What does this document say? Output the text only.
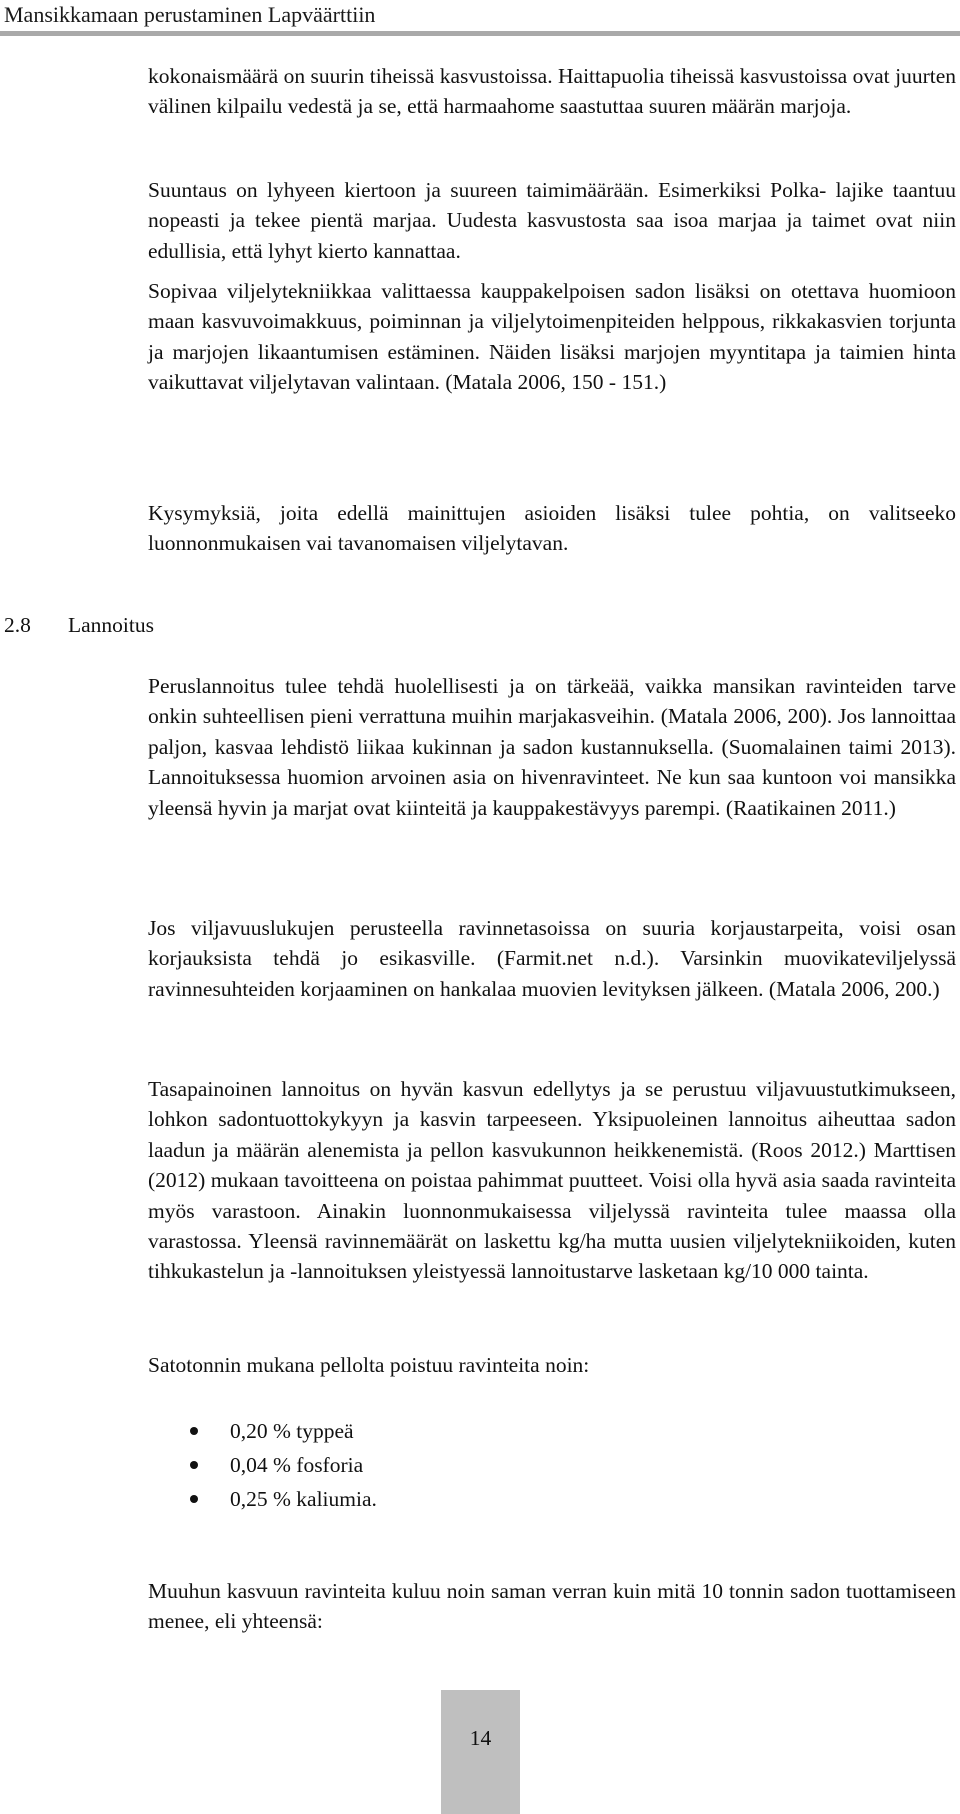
Mansikkamaan perustaminen Lapväärttiin

kokonaismäärä on suurin tiheissä kasvustoissa. Haittapuolia tiheissä kasvustoissa ovat juurten välinen kilpailu vedestä ja se, että harmaahome saastuttaa suuren määrän marjoja.

Suuntaus on lyhyeen kiertoon ja suureen taimimäärään. Esimerkiksi Polka- lajike taantuu nopeasti ja tekee pientä marjaa. Uudesta kasvustosta saa isoa marjaa ja taimet ovat niin edullisia, että lyhyt kierto kannattaa.

Sopivaa viljelytekniikkaa valittaessa kauppakelpoisen sadon lisäksi on otettava huomioon maan kasvuvoimakkuus, poiminnan ja viljelytoimenpiteiden helppous, rikkakasvien torjunta ja marjojen likaantumisen estäminen. Näiden lisäksi marjojen myyntitapa ja taimien hinta vaikuttavat viljelytavan valintaan. (Matala 2006, 150 - 151.)

Kysymyksiä, joita edellä mainittujen asioiden lisäksi tulee pohtia, on valitseeko luonnonmukaisen vai tavanomaisen viljelytavan.

2.8 Lannoitus

Peruslannoitus tulee tehdä huolellisesti ja on tärkeää, vaikka mansikan ravinteiden tarve onkin suhteellisen pieni verrattuna muihin marjakasveihin. (Matala 2006, 200). Jos lannoittaa paljon, kasvaa lehdistö liikaa kukinnan ja sadon kustannuksella. (Suomalainen taimi 2013). Lannoituksessa huomion arvoinen asia on hivenravinteet. Ne kun saa kuntoon voi mansikka yleensä hyvin ja marjat ovat kiinteitä ja kauppakestävyys parempi. (Raatikainen 2011.)

Jos viljavuuslukujen perusteella ravinnetasoissa on suuria korjaustarpeita, voisi osan korjauksista tehdä jo esikasville. (Farmit.net n.d.). Varsinkin muovikateviljelyssä ravinnesuhteiden korjaaminen on hankalaa muovien levityksen jälkeen. (Matala 2006, 200.)

Tasapainoinen lannoitus on hyvän kasvun edellytys ja se perustuu viljavuustutkimukseen, lohkon sadontuottokykyyn ja kasvin tarpeeseen. Yksipuoleinen lannoitus aiheuttaa sadon laadun ja määrän alenemista ja pellon kasvukunnon heikkenemistä. (Roos 2012.) Marttisen (2012) mukaan tavoitteena on poistaa pahimmat puutteet. Voisi olla hyvä asia saada ravinteita myös varastoon. Ainakin luonnonmukaisessa viljelyssä ravinteita tulee maassa olla varastossa. Yleensä ravinnemäärät on laskettu kg/ha mutta uusien viljelytekniikoiden, kuten tihkukastelun ja -lannoituksen yleistyessä lannoitustarve lasketaan kg/10 000 tainta.

Satotonnin mukana pellolta poistuu ravinteita noin:

0,20 % typpeä
0,04 % fosforia
0,25 % kaliumia.

Muuhun kasvuun ravinteita kuluu noin saman verran kuin mitä 10 tonnin sadon tuottamiseen menee, eli yhteensä:

14
